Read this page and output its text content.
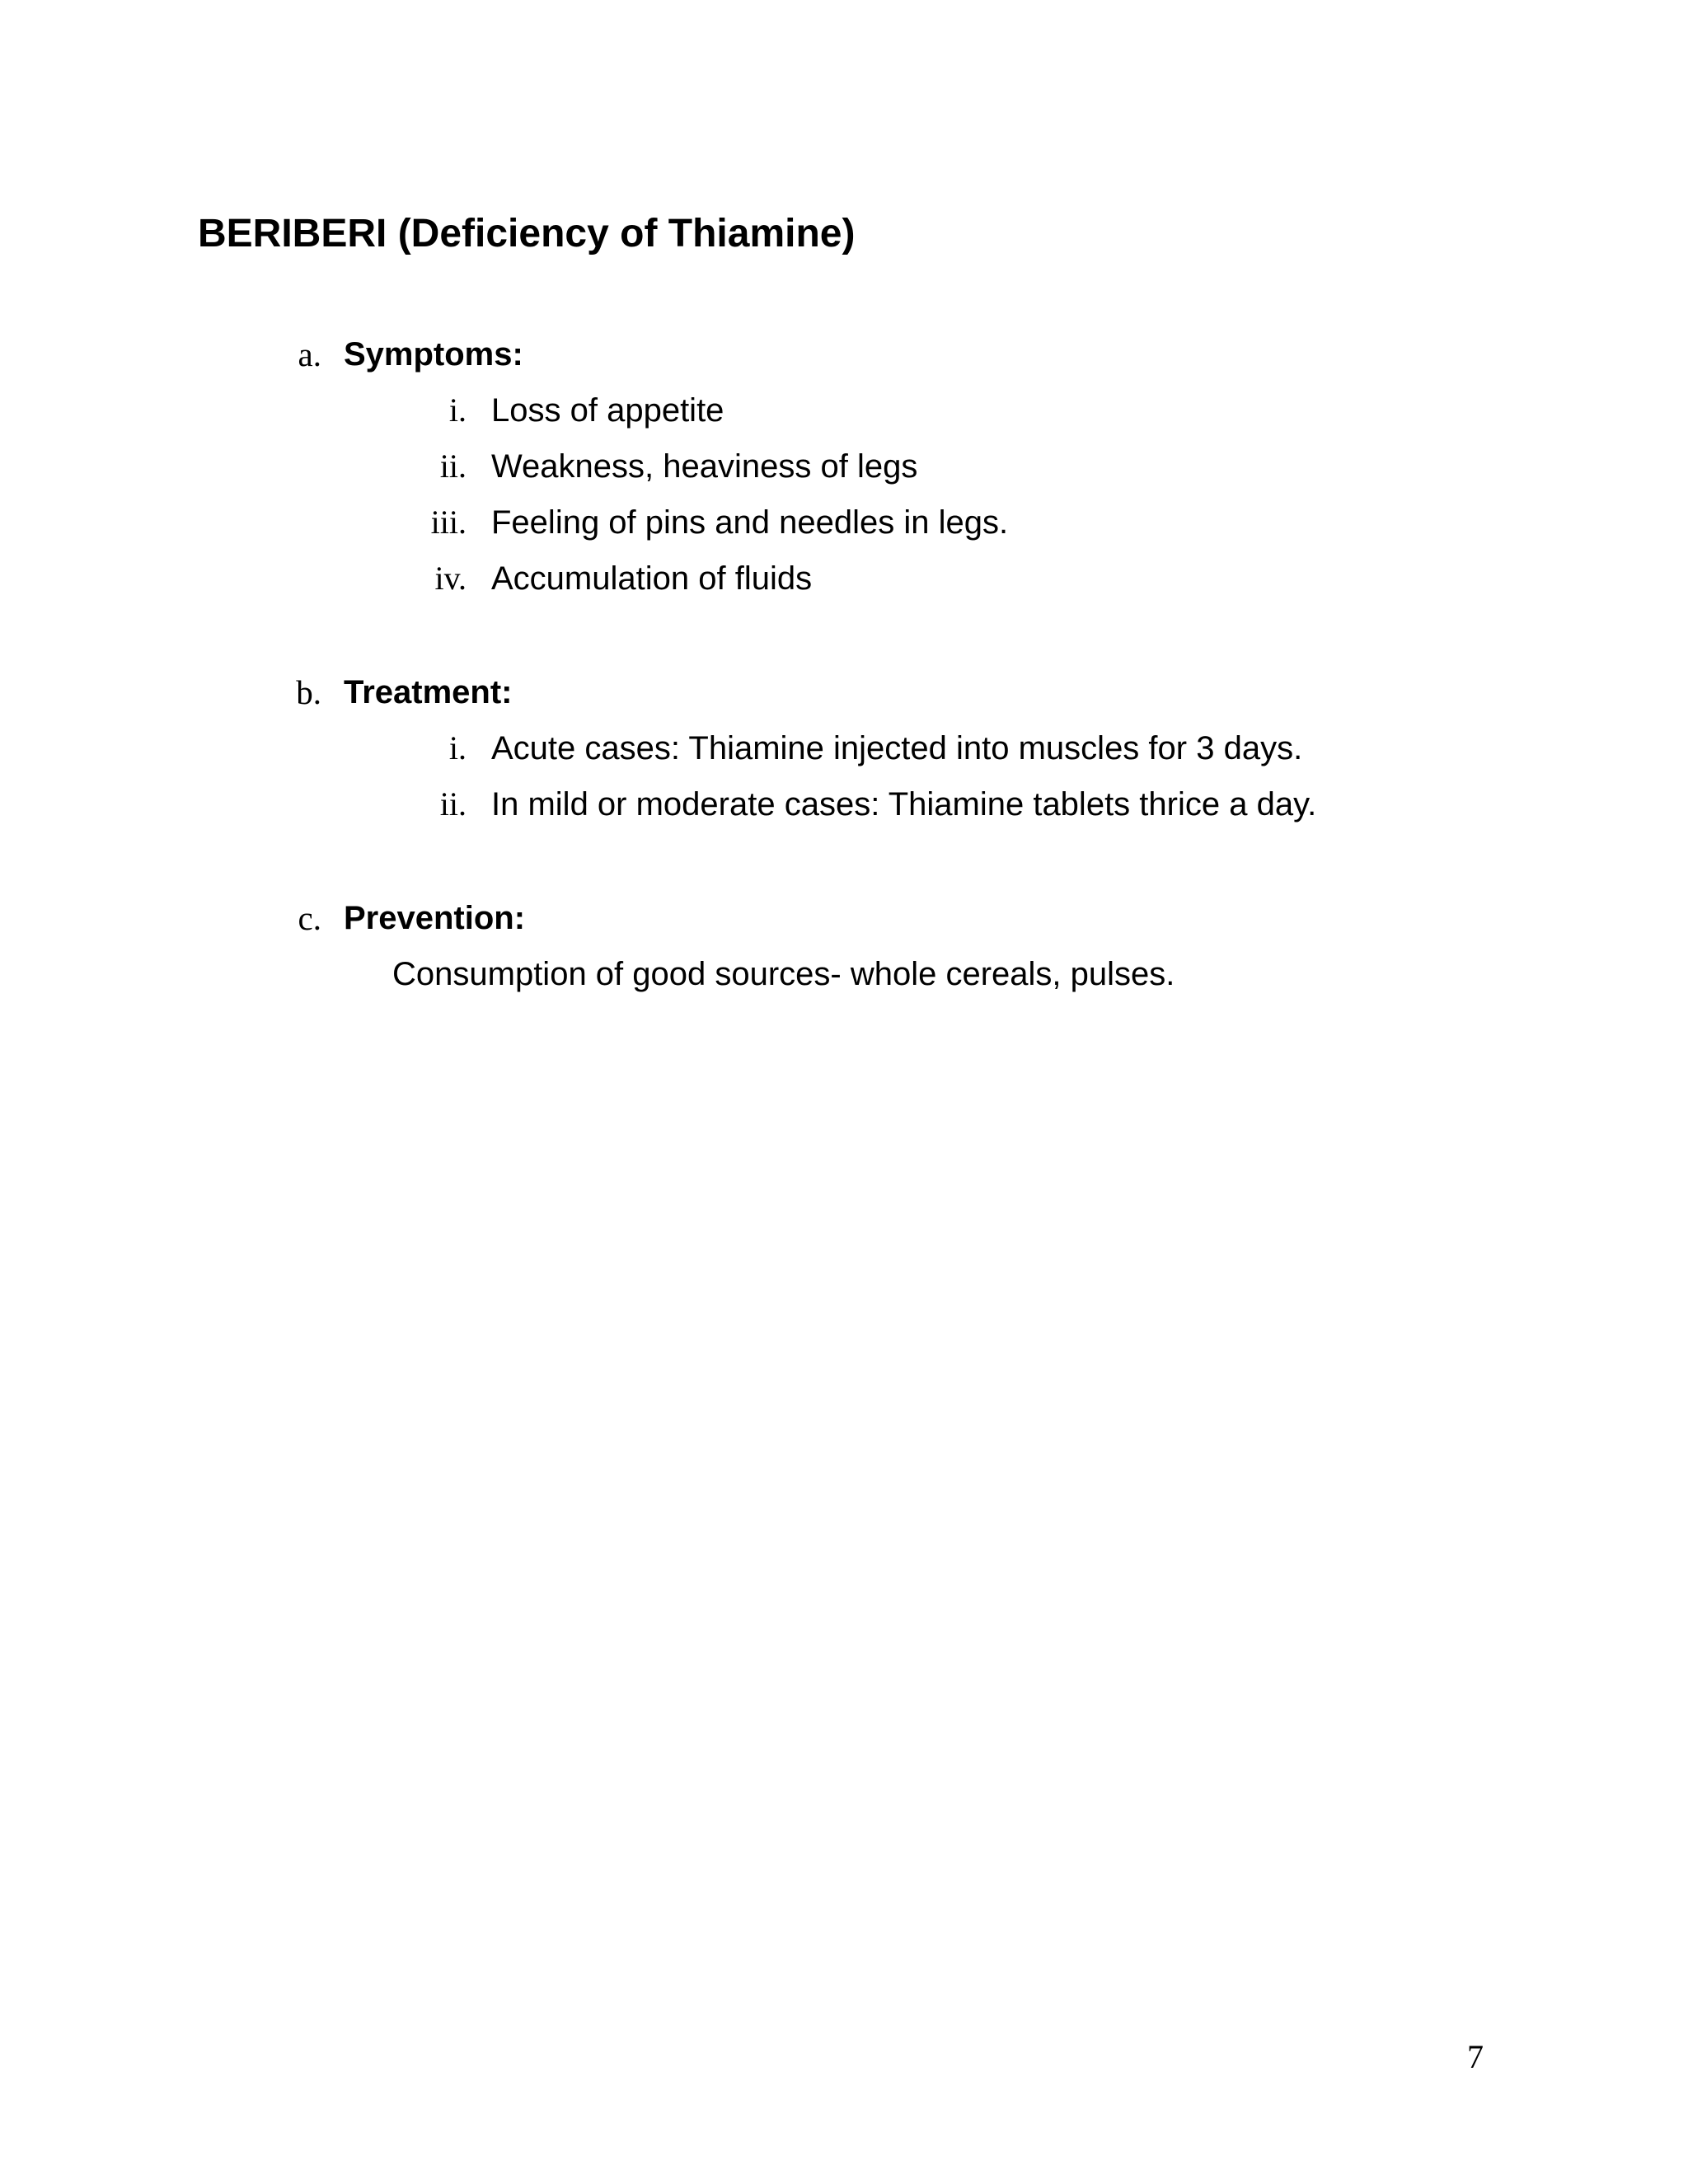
BERIBERI (Deficiency of Thiamine)
a. Symptoms:
i. Loss of appetite
ii. Weakness, heaviness of legs
iii. Feeling of pins and needles in legs.
iv. Accumulation of fluids
b. Treatment:
i. Acute cases: Thiamine injected into muscles for 3 days.
ii. In mild or moderate cases: Thiamine tablets thrice a day.
c. Prevention:
Consumption of good sources- whole cereals, pulses.
7
